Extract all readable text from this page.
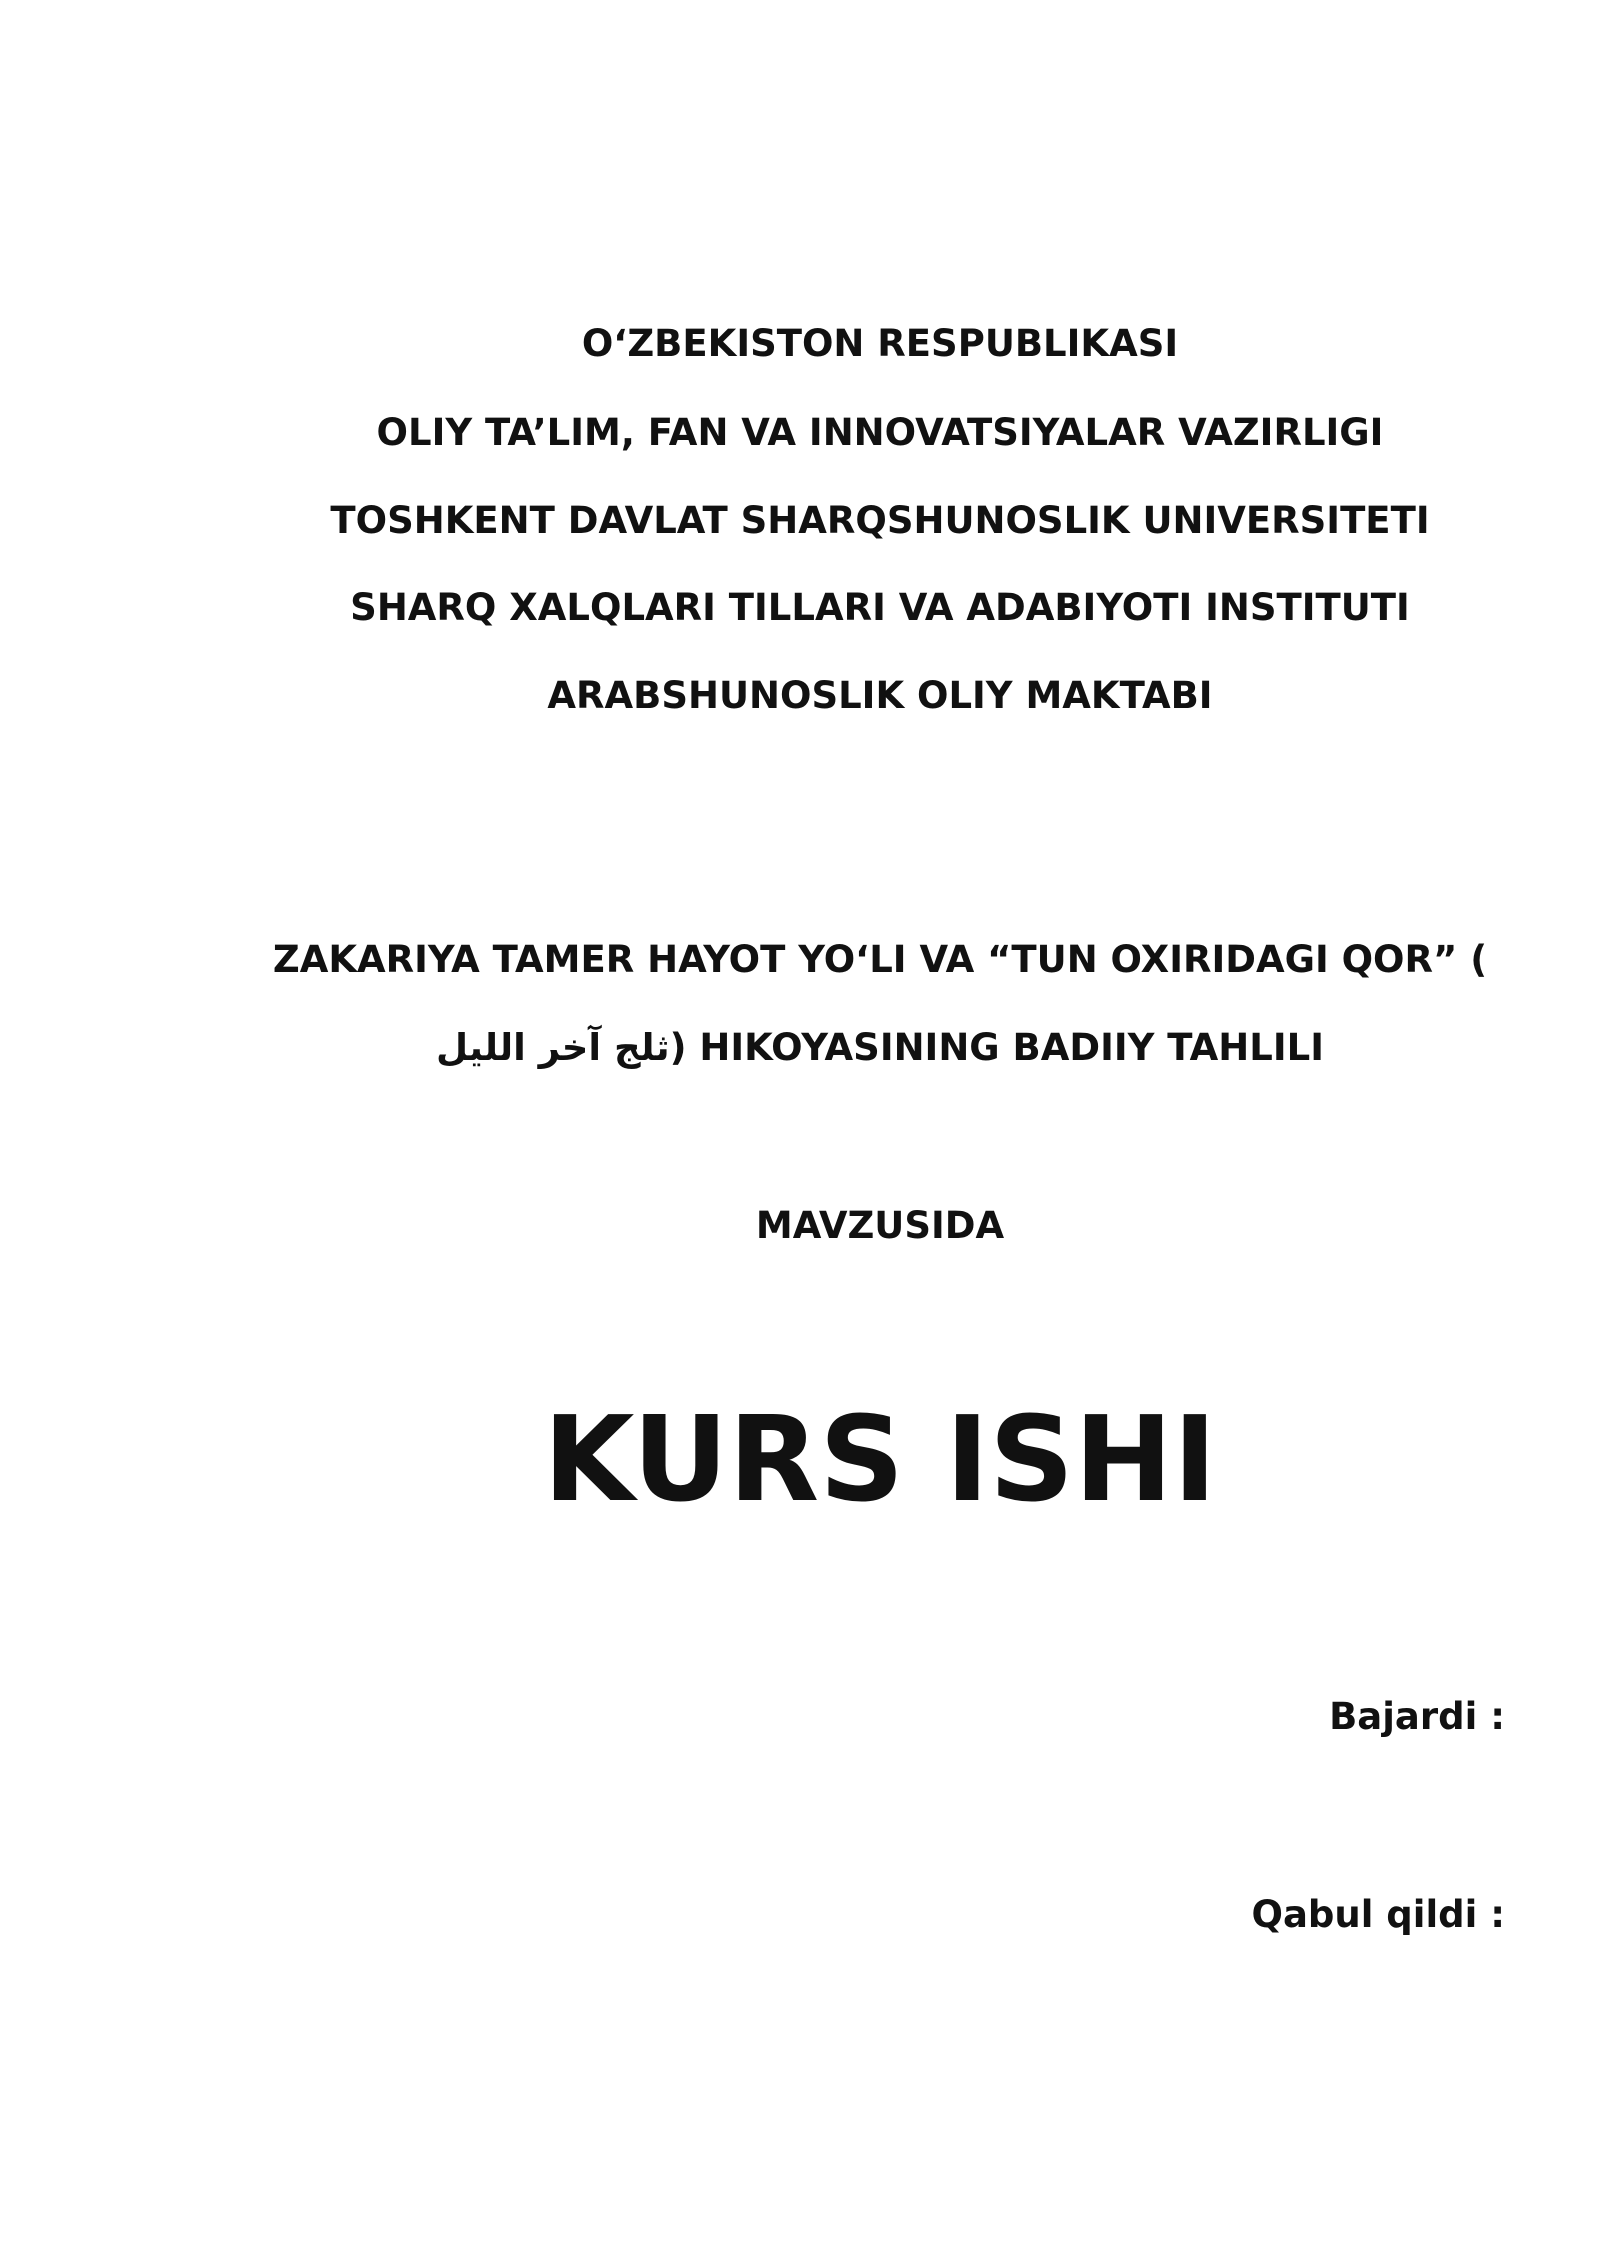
O‘ZBEKISTON RESPUBLIKASI
OLIY TA’LIM, FAN VA INNOVATSIYALAR VAZIRLIGI
TOSHKENT DAVLAT SHARQSHUNOSLIK UNIVERSITETI
SHARQ XALQLARI TILLARI VA ADABIYOTI INSTITUTI
ARABSHUNOSLIK OLIY MAKTABI
ZAKARIYA TAMER HAYOT YO‘LI VA “TUN OXIRIDAGI QOR” (
ثلج آخر الليل) HIKOYASINING BADIIY TAHLILI
MAVZUSIDA
KURS ISHI
Bajardi :
Qabul qildi :
